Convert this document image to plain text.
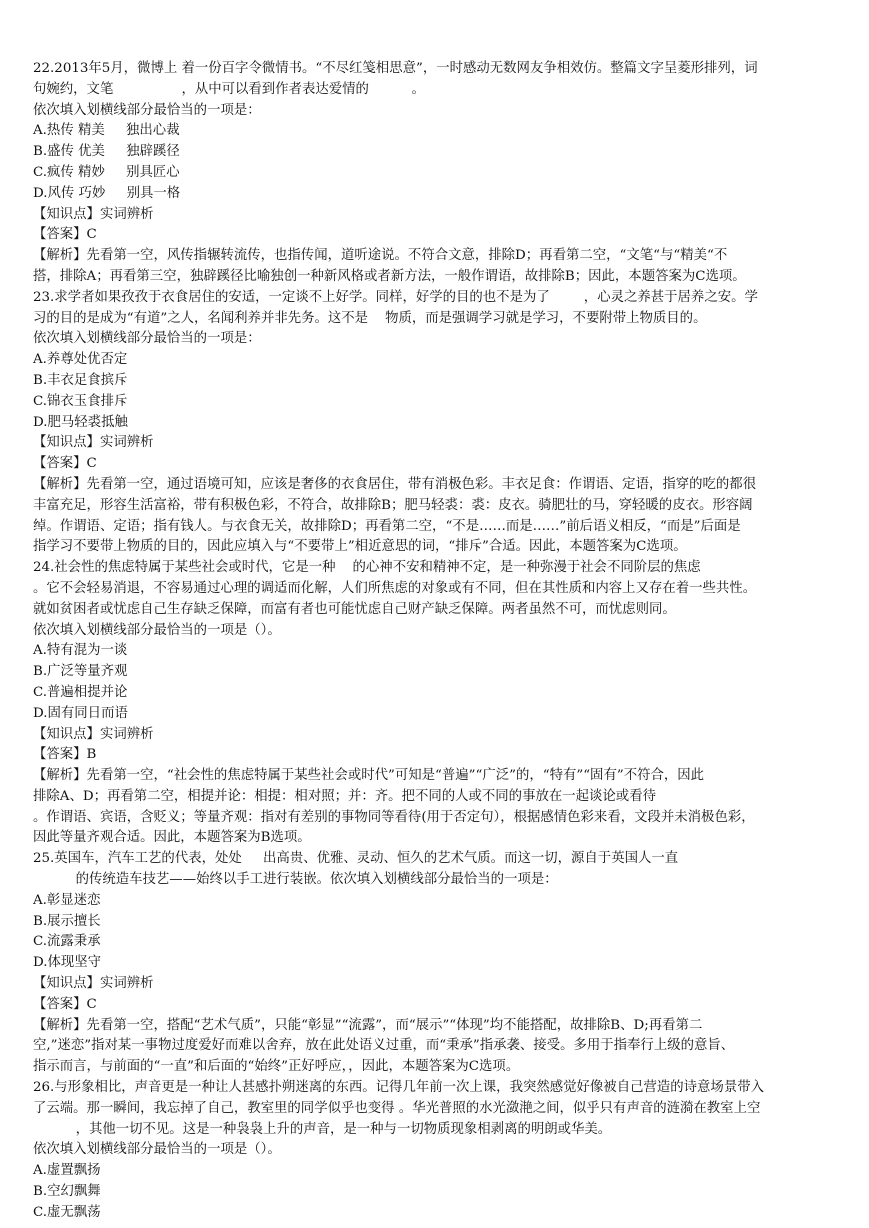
22.2013年5月，微博上 着一份百字令微情书。“不尽红笺相思意”，一时感动无数网友争相效仿。整篇文字呈菱形排列，词
句婉约，文笔                ，从中可以看到作者表达爱情的          。
依次填入划横线部分最恰当的一项是：
A.热传 精美     独出心裁
B.盛传 优美     独辟蹊径
C.疯传 精妙     别具匠心
D.风传 巧妙     别具一格
【知识点】实词辨析
【答案】C
【解析】先看第一空，风传指辗转流传，也指传闻，道听途说。不符合文意，排除D；再看第二空，“文笔“与“精美“不
搭，排除A；再看第三空，独辟蹊径比喻独创一种新风格或者新方法，一般作谓语，故排除B；因此，本题答案为C选项。
23.求学者如果孜孜于衣食居住的安适，一定谈不上好学。同样，好学的目的也不是为了        ，心灵之养甚于居养之安。学
习的目的是成为“有道”之人，名闻利养并非先务。这不是    物质，而是强调学习就是学习，不要附带上物质目的。
依次填入划横线部分最恰当的一项是：
A.养尊处优否定
B.丰衣足食摈斥
C.锦衣玉食排斥
D.肥马轻裘抵触
【知识点】实词辨析
【答案】C
【解析】先看第一空，通过语境可知，应该是奢侈的衣食居住，带有消极色彩。丰衣足食：作谓语、定语，指穿的吃的都很
丰富充足，形容生活富裕，带有积极色彩，不符合，故排除B；肥马轻裘：裘：皮衣。骑肥壮的马，穿轻暖的皮衣。形容阔
绰。作谓语、定语；指有钱人。与衣食无关，故排除D；再看第二空，“不是……而是……”前后语义相反，“而是”后面是
指学习不要带上物质的目的，因此应填入与“不要带上”相近意思的词，“排斥”合适。因此，本题答案为C选项。
24.社会性的焦虑特属于某些社会或时代，它是一种    的心神不安和精神不定，是一种弥漫于社会不同阶层的焦虑
。它不会轻易消退，不容易通过心理的调适而化解，人们所焦虑的对象或有不同，但在其性质和内容上又存在着一些共性。
就如贫困者或忧虑自己生存缺乏保障，而富有者也可能忧虑自己财产缺乏保障。两者虽然不可，而忧虑则同。
依次填入划横线部分最恰当的一项是（）。
A.特有混为一谈
B.广泛等量齐观
C.普遍相提并论
D.固有同日而语
【知识点】实词辨析
【答案】B
【解析】先看第一空，“社会性的焦虑特属于某些社会或时代”可知是“普遍”“广泛”的，“特有”“固有”不符合，因此
排除A、D；再看第二空，相提并论：相提：相对照；并：齐。把不同的人或不同的事放在一起谈论或看待
。作谓语、宾语，含贬义；等量齐观：指对有差别的事物同等看待(用于否定句），根据感情色彩来看，文段并未消极色彩，
因此等量齐观合适。因此，本题答案为B选项。
25.英国车，汽车工艺的代表，处处     出高贵、优雅、灵动、恒久的艺术气质。而这一切，源自于英国人一直
的传统造车技艺——始终以手工进行装嵌。依次填入划横线部分最恰当的一项是：
A.彰显迷恋
B.展示擅长
C.流露秉承
D.体现坚守
【知识点】实词辨析
【答案】C
【解析】先看第一空，搭配“艺术气质”，只能“彰显”“流露”，而“展示”“体现”均不能搭配，故排除B、D;再看第二
空,”迷恋”指对某一事物过度爱好而难以舍弃，放在此处语义过重，而“秉承”指承袭、接受。多用于指奉行上级的意旨、
指示而言，与前面的“一直”和后面的“始终”正好呼应，，因此，本题答案为C选项。
26.与形象相比，声音更是一种让人甚感扑朔迷离的东西。记得几年前一次上课，我突然感觉好像被自己营造的诗意场景带入
了云端。那一瞬间，我忘掉了自己，教室里的同学似乎也变得 。华光普照的水光潋滟之间，似乎只有声音的涟漪在教室上空
，其他一切不见。这是一种袅袅上升的声音，是一种与一切物质现象相剥离的明朗或华美。
依次填入划横线部分最恰当的一项是（）。
A.虚置飘扬
B.空幻飘舞
C.虚无飘荡
